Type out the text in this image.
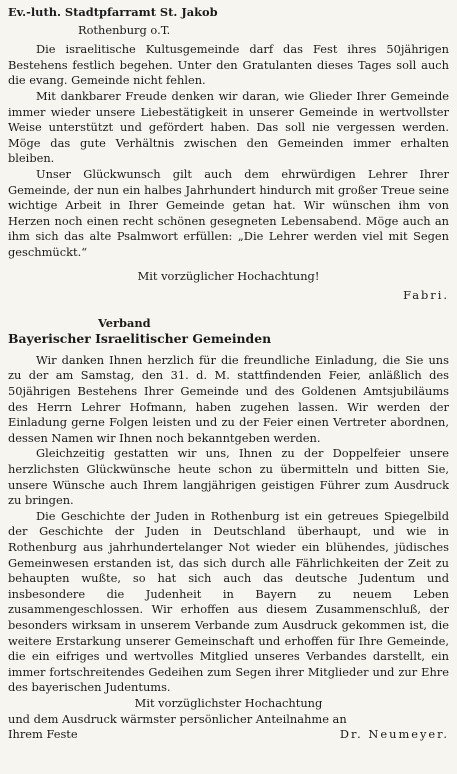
Ev.-luth. Stadtpfarramt St. Jakob
Rothenburg o.T.

Die israelitische Kultusgemeinde darf das Fest ihres 50jährigen Bestehens festlich begehen. Unter den Gratulanten dieses Tages soll auch die evang. Gemeinde nicht fehlen.

Mit dankbarer Freude denken wir daran, wie Glieder Ihrer Gemeinde immer wieder unsere Liebestätigkeit in unserer Gemeinde in wertvollster Weise unterstützt und gefördert haben. Das soll nie vergessen werden. Möge das gute Verhältnis zwischen den Gemeinden immer erhalten bleiben.

Unser Glückwunsch gilt auch dem ehrwürdigen Lehrer Ihrer Gemeinde, der nun ein halbes Jahrhundert hindurch mit großer Treue seine wichtige Arbeit in Ihrer Gemeinde getan hat. Wir wünschen ihm von Herzen noch einen recht schönen gesegneten Lebensabend. Möge auch an ihm sich das alte Psalmwort erfüllen: „Die Lehrer werden viel mit Segen geschmückt.“

Mit vorzüglicher Hochachtung!
Fabri.
Verband
Bayerischer Israelitischer Gemeinden

Wir danken Ihnen herzlich für die freundliche Einladung, die Sie uns zu der am Samstag, den 31. d. M. stattfindenden Feier, anläßlich des 50jährigen Bestehens Ihrer Gemeinde und des Goldenen Amtsjubiläums des Herrn Lehrer Hofmann, haben zugehen lassen. Wir werden der Einladung gerne Folgen leisten und zu der Feier einen Vertreter abordnen, dessen Namen wir Ihnen noch bekanntgeben werden.

Gleichzeitig gestatten wir uns, Ihnen zu der Doppelfeier unsere herzlichsten Glückwünsche heute schon zu übermitteln und bitten Sie, unsere Wünsche auch Ihrem langjährigen geistigen Führer zum Ausdruck zu bringen.

Die Geschichte der Juden in Rothenburg ist ein getreues Spiegelbild der Geschichte der Juden in Deutschland überhaupt, und wie in Rothenburg aus jahrhundertelanger Not wieder ein blühendes, jüdisches Gemeinwesen erstanden ist, das sich durch alle Fährlichkeiten der Zeit zu behaupten wußte, so hat sich auch das deutsche Judentum und insbesondere die Judenheit in Bayern zu neuem Leben zusammengeschlossen. Wir erhoffen aus diesem Zusammenschluß, der besonders wirksam in unserem Verbande zum Ausdruck gekommen ist, die weitere Erstarkung unserer Gemeinschaft und erhoffen für Ihre Gemeinde, die ein eifriges und wertvolles Mitglied unseres Verbandes darstellt, ein immer fortschreitendes Gedeihen zum Segen ihrer Mitglieder und zur Ehre des bayerischen Judentums.

Mit vorzüglichster Hochachtung
und dem Ausdruck wärmster persönlicher Anteilnahme an
Ihrem Feste	Dr. Neumeyer.
